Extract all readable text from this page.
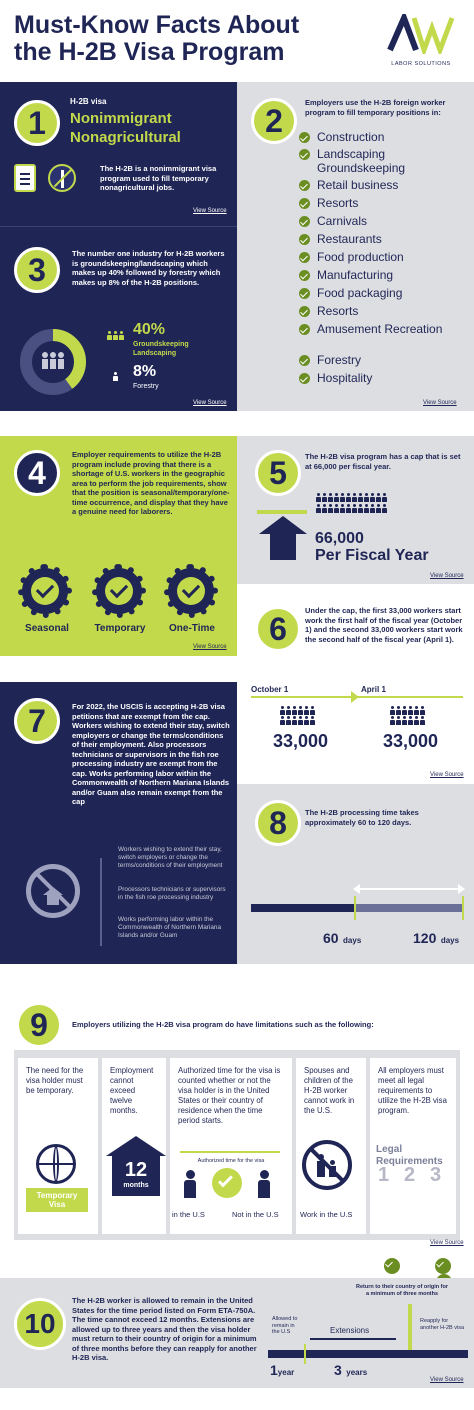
Must-Know Facts About
the H-2B Visa Program	LABOR SOLUTIONS
1
H-2B visa
Nonimmigrant
Nonagricultural
The H-2B is a nonimmigrant visa program used to fill temporary nonagricultural jobs.
View Source
3	The number one industry for H-2B workers is groundskeeping/landscaping which makes up 40% followed by forestry which makes up 8% of the H-2B positions.
40%
Groundskeeping Landscaping
8%
Forestry
View Source
2
Employers use the H-2B foreign worker program to fill temporary positions in:
Construction
Landscaping Groundskeeping
Retail business
Resorts
Carnivals
Restaurants
Food production
Manufacturing
Food packaging
Resorts
Amusement Recreation
Forestry
Hospitality
View Source
4
Employer requirements to utilize the H-2B program include proving that there is a shortage of U.S. workers in the geographic area to perform the job requirements, show that the position is seasonal/temporary/one-time occurrence, and display that they have a genuine need for laborers.
Seasonal	Temporary	One-Time
View Source
5	The H-2B visa program has a cap that is set at 66,000 per fiscal year.
66,000
Per Fiscal Year
View Source
6
Under the cap, the first 33,000 workers start work the first half of the fiscal year (October 1) and the second 33,000 workers start work the second half of the fiscal year (April 1).
October 1	April 1
33,000	33,000
View Source
7	For 2022, the USCIS is accepting H-2B visa petitions that are exempt from the cap. Workers wishing to extend their stay, switch employers or change the terms/conditions of their employment. Also processors technicians or supervisors in the fish roe processing industry are exempt from the cap. Works performing labor within the Commonwealth of Northern Mariana Islands and/or Guam also remain exempt from the cap
Workers wishing to extend their stay, switch employers or change the terms/conditions of their employment
Processors technicians or supervisors in the fish roe processing industry
Works performing labor within the Commonwealth of Northern Mariana Islands and/or Guam
8	The H-2B processing time takes approximately 60 to 120 days.
60 days	120 days
9	Employers utilizing the H-2B visa program do have limitations such as the following:
The need for the visa holder must be temporary.
Temporary Visa
Employment cannot exceed twelve months.
12
months
Authorized time for the visa is counted whether or not the visa holder is in the United States or their country of residence when the time period starts.
Authorized time for the visa
in the U.S	Not in the U.S
Spouses and children of the H-2B worker cannot work in the U.S.
Work in the U.S
All employers must meet all legal requirements to utilize the H-2B visa program.
Legal Requirements
1 2 3

View Source
10
The H-2B worker is allowed to remain in the United States for the time period listed on Form ETA-750A. The time cannot exceed 12 months. Extensions are allowed up to three years and then the visa holder must return to their country of origin for a minimum of three months before they can reapply for another H-2B visa.
Return to their country of origin for a minimum of three months
Allowed to remain in the U.S	Extensions
Reapply for another H-2B visa
1year	3 years
View Source
